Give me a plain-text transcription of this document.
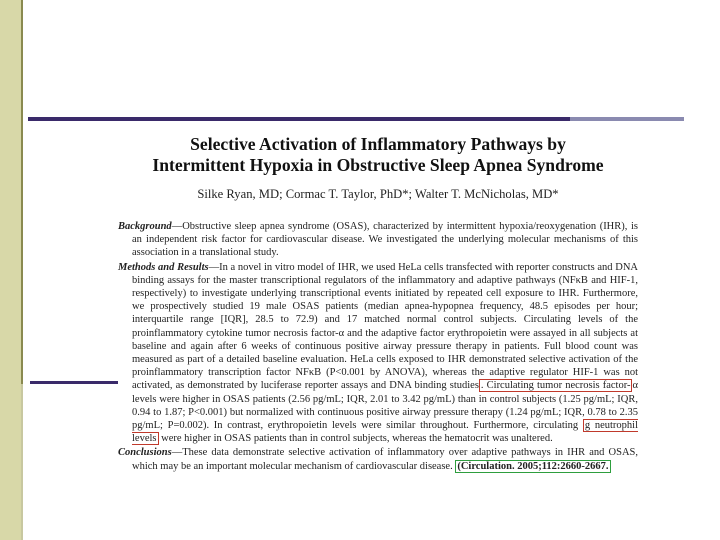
Selective Activation of Inflammatory Pathways by
Intermittent Hypoxia in Obstructive Sleep Apnea Syndrome
Silke Ryan, MD; Cormac T. Taylor, PhD*; Walter T. McNicholas, MD*

Background—Obstructive sleep apnea syndrome (OSAS), characterized by intermittent hypoxia/reoxygenation (IHR), is an independent risk factor for cardiovascular disease. We investigated the underlying molecular mechanisms of this association in a translational study.

Methods and Results—In a novel in vitro model of IHR, we used HeLa cells transfected with reporter constructs and DNA binding assays for the master transcriptional regulators of the inflammatory and adaptive pathways (NFκB and HIF-1, respectively) to investigate underlying transcriptional events initiated by repeated cell exposure to IHR. Furthermore, we prospectively studied 19 male OSAS patients (median apnea-hypopnea frequency, 48.5 episodes per hour; interquartile range [IQR], 28.5 to 72.9) and 17 matched normal control subjects. Circulating levels of the proinflammatory cytokine tumor necrosis factor-α and the adaptive factor erythropoietin were assayed in all subjects at baseline and again after 6 weeks of continuous positive airway pressure therapy in patients. Full blood count was measured as part of a detailed baseline evaluation. HeLa cells exposed to IHR demonstrated selective activation of the proinflammatory transcription factor NFκB (P<0.001 by ANOVA), whereas the adaptive regulator HIF-1 was not activated, as demonstrated by luciferase reporter assays and DNA binding studies . Circulating tumor necrosis factor- α levels were higher in OSAS patients (2.56 pg/mL; IQR, 2.01 to 3.42 pg/mL) than in control subjects (1.25 pg/mL; IQR, 0.94 to 1.87; P<0.001) but normalized with continuous positive airway pressure therapy (1.24 pg/mL; IQR, 0.78 to 2.35 pg/mL; P=0.002). In contrast, erythropoietin levels were similar throughout. Furthermore, circulating g neutrophil levels were higher in OSAS patients than in control subjects, whereas the hematocrit was unaltered.

Conclusions—These data demonstrate selective activation of inflammatory over adaptive pathways in IHR and OSAS, which may be an important molecular mechanism of cardiovascular disease. (Circulation. 2005;112:2660-2667.
